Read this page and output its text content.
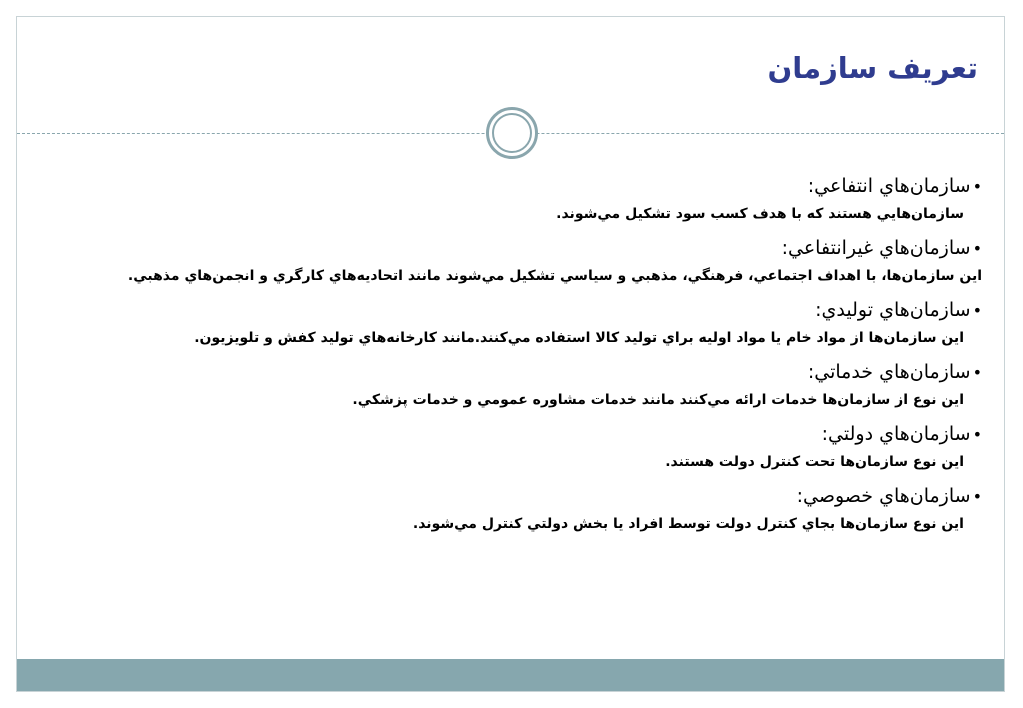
تعريف سازمان
•سازمان‌هاي انتفاعي:
سازمان‌هايي هستند كه با هدف كسب سود تشكيل مي‌شوند.
•سازمان‌هاي غيرانتفاعي:
اين سازمان‌ها، با اهداف اجتماعي، فرهنگي، مذهبي و سياسي تشكيل مي‌شوند مانند اتحاديه‌هاي كارگري و انجمن‌هاي مذهبي.
•سازمان‌هاي توليدي:
اين سازمان‌ها از مواد خام يا مواد اوليه براي توليد كالا استفاده مي‌كنند.مانند كارخانه‌هاي توليد كفش و تلويزيون.
•سازمان‌هاي خدماتي:
اين نوع از سازمان‌ها خدمات ارائه مي‌كنند مانند خدمات مشاوره عمومي و خدمات پزشكي.
•سازمان‌هاي دولتي:
اين نوع سازمان‌ها تحت كنترل دولت هستند.
•سازمان‌هاي خصوصي:
اين نوع سازمان‌ها بجاي كنترل دولت توسط افراد يا بخش دولتي كنترل مي‌شوند.
